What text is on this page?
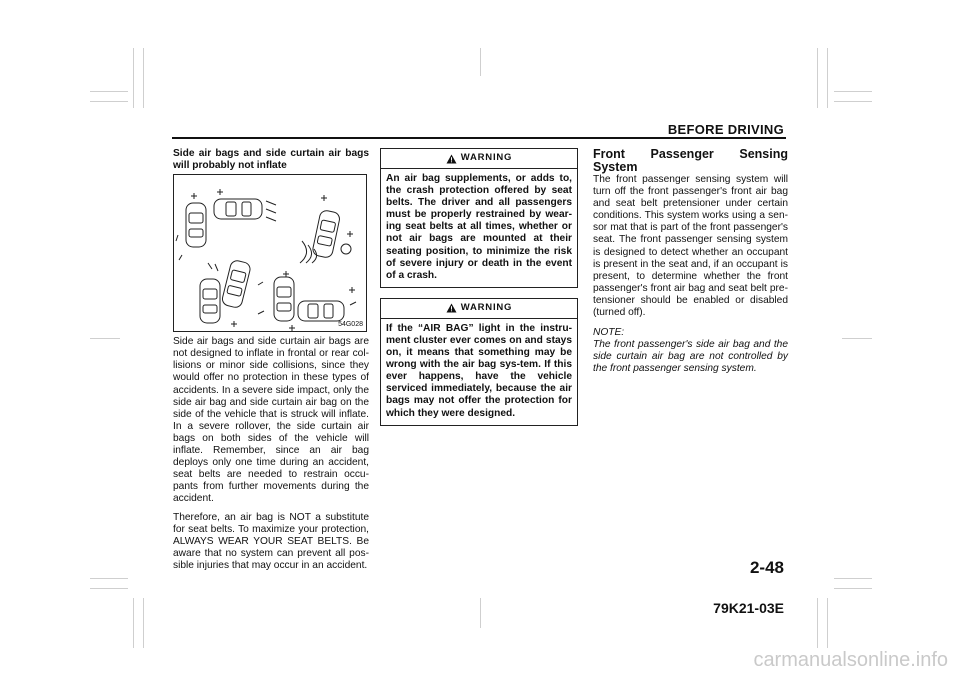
BEFORE DRIVING
Side air bags and side curtain air bags will probably not inflate
54G028

Side air bags and side curtain air bags are not designed to inflate in frontal or rear col-lisions or minor side collisions, since they would offer no protection in these types of accidents. In a severe side impact, only the side air bag and side curtain air bag on the side of the vehicle that is struck will inflate. In a severe rollover, the side curtain air bags on both sides of the vehicle will inflate. Remember, since an air bag deploys only one time during an accident, seat belts are needed to restrain occu-pants from further movements during the accident.

Therefore, an air bag is NOT a substitute for seat belts. To maximize your protection, ALWAYS WEAR YOUR SEAT BELTS. Be aware that no system can prevent all pos-sible injuries that may occur in an accident.

WARNING
An air bag supplements, or adds to, the crash protection offered by seat belts. The driver and all passengers must be properly restrained by wear-ing seat belts at all times, whether or not air bags are mounted at their seating position, to minimize the risk of severe injury or death in the event of a crash.
WARNING
If the “AIR BAG” light in the instru-ment cluster ever comes on and stays on, it means that something may be wrong with the air bag sys-tem. If this ever happens, have the vehicle serviced immediately, because the air bags may not offer the protection for which they were designed.
Front Passenger Sensing System

The front passenger sensing system will turn off the front passenger's front air bag and seat belt pretensioner under certain conditions. This system works using a sen-sor mat that is part of the front passenger's seat. The front passenger sensing system is designed to detect whether an occupant is present in the seat and, if an occupant is present, to determine whether the front passenger's front air bag and seat belt pre-tensioner should be enabled or disabled (turned off).

NOTE:
The front passenger's side air bag and the side curtain air bag are not controlled by the front passenger sensing system.
2-48
79K21-03E
carmanualsonline.info
